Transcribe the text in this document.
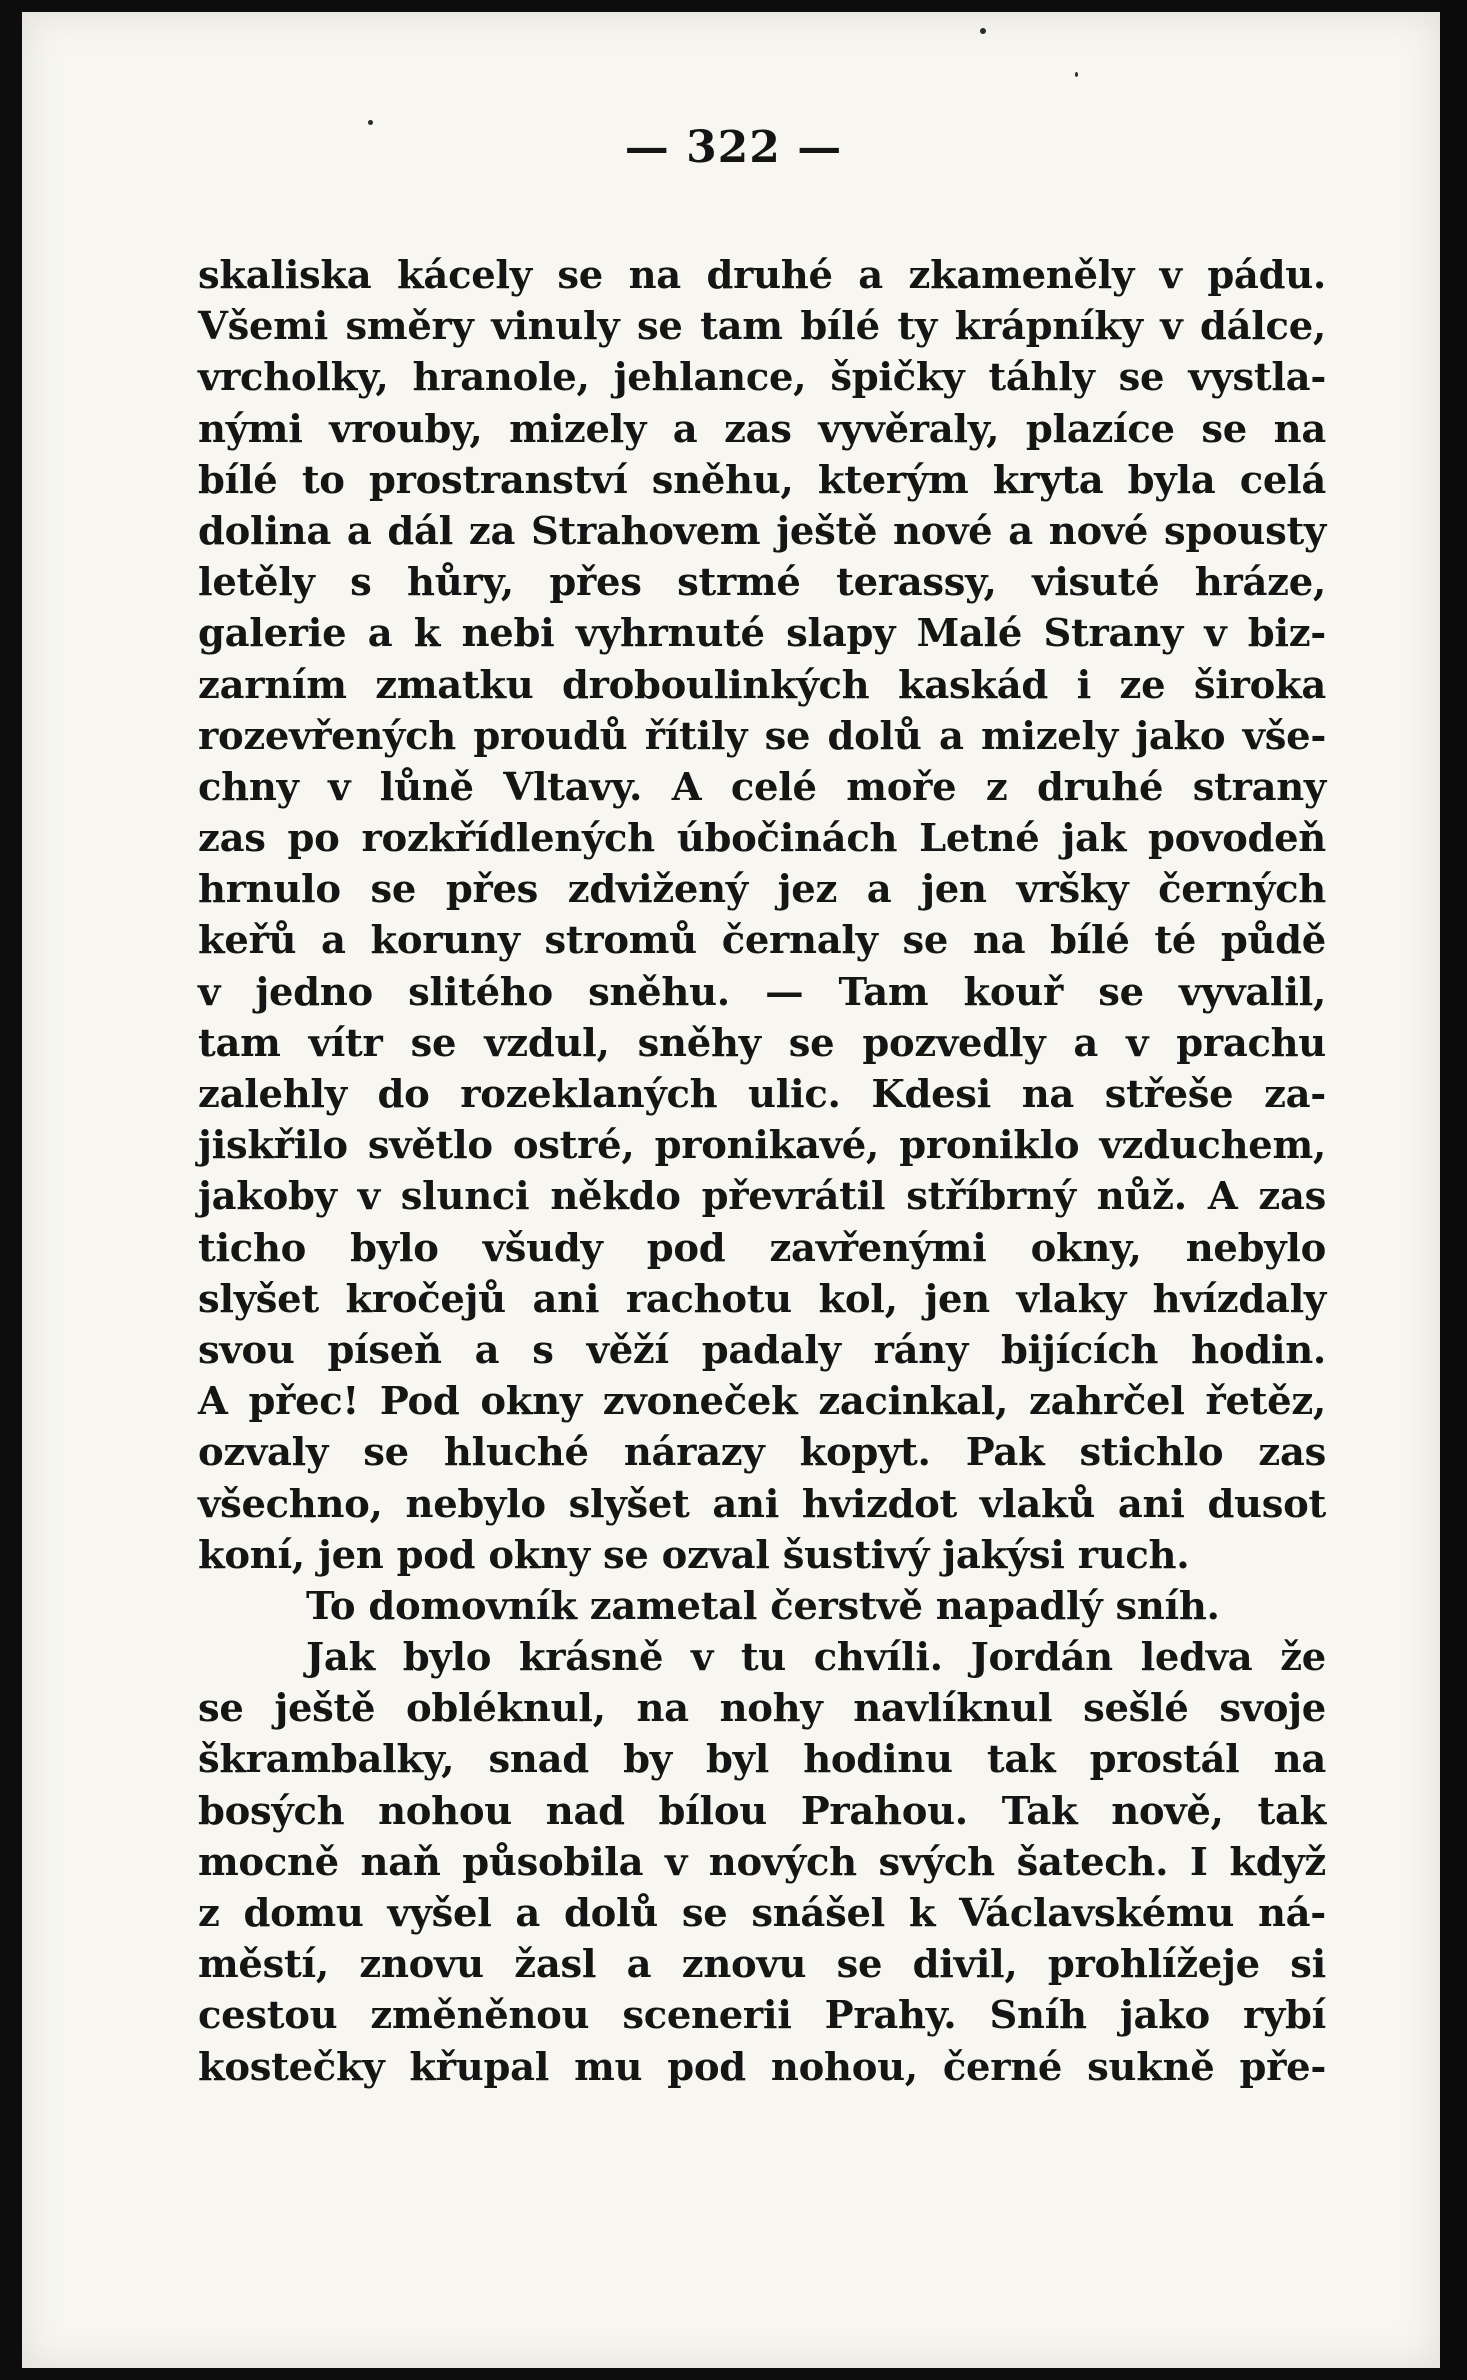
— 322 —
skaliska kácely se na druhé a zkameněly v pádu.
Všemi směry vinuly se tam bílé ty krápníky v dálce,
vrcholky, hranole, jehlance, špičky táhly se vystla-
nými vrouby, mizely a zas vyvěraly, plazíce se na
bílé to prostranství sněhu, kterým kryta byla celá
dolina a dál za Strahovem ještě nové a nové spousty
letěly s hůry, přes strmé terassy, visuté hráze,
galerie a k nebi vyhrnuté slapy Malé Strany v biz-
zarním zmatku droboulinkých kaskád i ze široka
rozevřených proudů řítily se dolů a mizely jako vše-
chny v lůně Vltavy. A celé moře z druhé strany
zas po rozkřídlených úbočinách Letné jak povodeň
hrnulo se přes zdvižený jez a jen vršky černých
keřů a koruny stromů černaly se na bílé té půdě
v jedno slitého sněhu. — Tam kouř se vyvalil,
tam vítr se vzdul, sněhy se pozvedly a v prachu
zalehly do rozeklaných ulic. Kdesi na střeše za-
jiskřilo světlo ostré, pronikavé, proniklo vzduchem,
jakoby v slunci někdo převrátil stříbrný nůž. A zas
ticho bylo všudy pod zavřenými okny, nebylo
slyšet kročejů ani rachotu kol, jen vlaky hvízdaly
svou píseň a s věží padaly rány bijících hodin.
A přec! Pod okny zvoneček zacinkal, zahrčel řetěz,
ozvaly se hluché nárazy kopyt. Pak stichlo zas
všechno, nebylo slyšet ani hvizdot vlaků ani dusot
koní, jen pod okny se ozval šustivý jakýsi ruch.
To domovník zametal čerstvě napadlý sníh.
Jak bylo krásně v tu chvíli. Jordán ledva že
se ještě obléknul, na nohy navlíknul sešlé svoje
škrambalky, snad by byl hodinu tak prostál na
bosých nohou nad bílou Prahou. Tak nově, tak
mocně naň působila v nových svých šatech. I když
z domu vyšel a dolů se snášel k Václavskému ná-
městí, znovu žasl a znovu se divil, prohlížeje si
cestou změněnou scenerii Prahy. Sníh jako rybí
kostečky křupal mu pod nohou, černé sukně pře-
